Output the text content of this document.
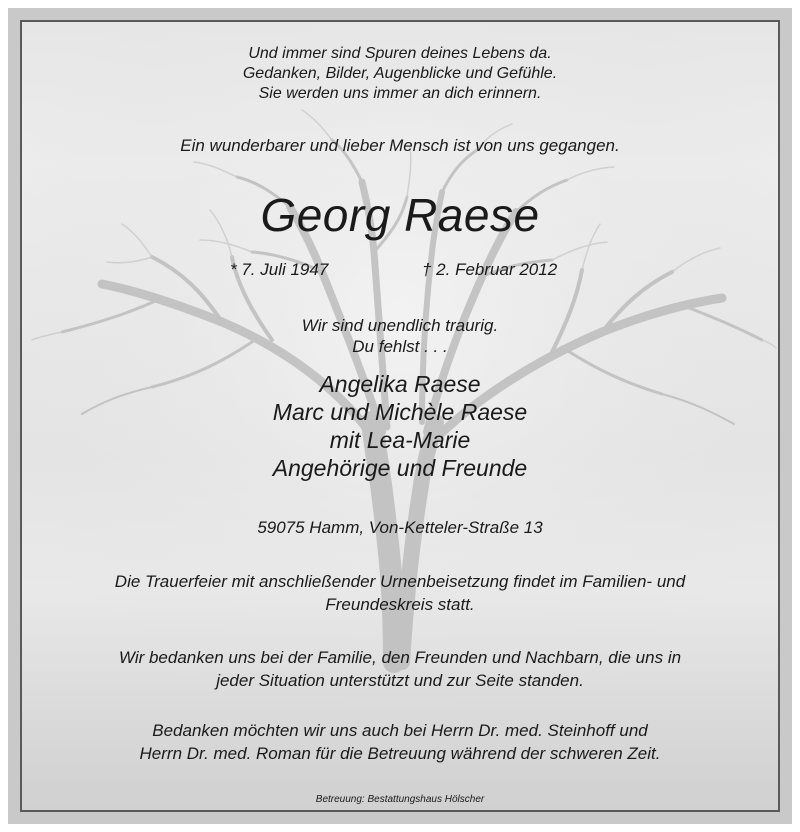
Und immer sind Spuren deines Lebens da.
Gedanken, Bilder, Augenblicke und Gefühle.
Sie werden uns immer an dich erinnern.
Ein wunderbarer und lieber Mensch ist von uns gegangen.
Georg Raese
* 7. Juli 1947	† 2. Februar 2012
Wir sind unendlich traurig.
Du fehlst . . .
Angelika Raese
Marc und Michèle Raese
mit Lea-Marie
Angehörige und Freunde
59075 Hamm, Von-Ketteler-Straße 13
Die Trauerfeier mit anschließender Urnenbeisetzung findet im Familien- und
Freundeskreis statt.
Wir bedanken uns bei der Familie, den Freunden und Nachbarn, die uns in
jeder Situation unterstützt und zur Seite standen.
Bedanken möchten wir uns auch bei Herrn Dr. med. Steinhoff und
Herrn Dr. med. Roman für die Betreuung während der schweren Zeit.
Betreuung: Bestattungshaus Hölscher
